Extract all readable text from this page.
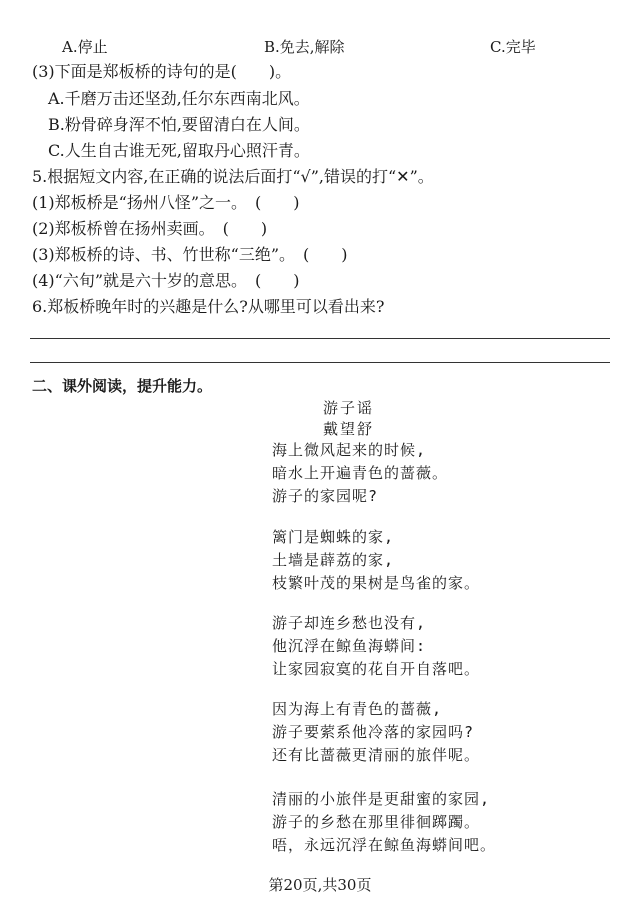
A.停止	B.免去,解除	C.完毕
(3)下面是郑板桥的诗句的是(　　)。
A.千磨万击还坚劲,任尔东西南北风。
B.粉骨碎身浑不怕,要留清白在人间。
C.人生自古谁无死,留取丹心照汗青。
5.根据短文内容,在正确的说法后面打“√”,错误的打“✕”。
(1)郑板桥是“扬州八怪”之一。　(　　)
(2)郑板桥曾在扬州卖画。　(　　)
(3)郑板桥的诗、书、竹世称“三绝”。　(　　)
(4)“六旬”就是六十岁的意思。　(　　)
6.郑板桥晚年时的兴趣是什么?从哪里可以看出来?
二、课外阅读，提升能力。
游子谣
戴望舒
海上微风起来的时候,
暗水上开遍青色的蔷薇。
游子的家园呢?
篱门是蜘蛛的家,
土墙是薜荔的家,
枝繁叶茂的果树是鸟雀的家。
游子却连乡愁也没有,
他沉浮在鲸鱼海蟒间:
让家园寂寞的花自开自落吧。
因为海上有青色的蔷薇,
游子要萦系他冷落的家园吗?
还有比蔷薇更清丽的旅伴呢。
清丽的小旅伴是更甜蜜的家园,
游子的乡愁在那里徘徊踯躅。
唔，永远沉浮在鲸鱼海蟒间吧。
第20页,共30页
